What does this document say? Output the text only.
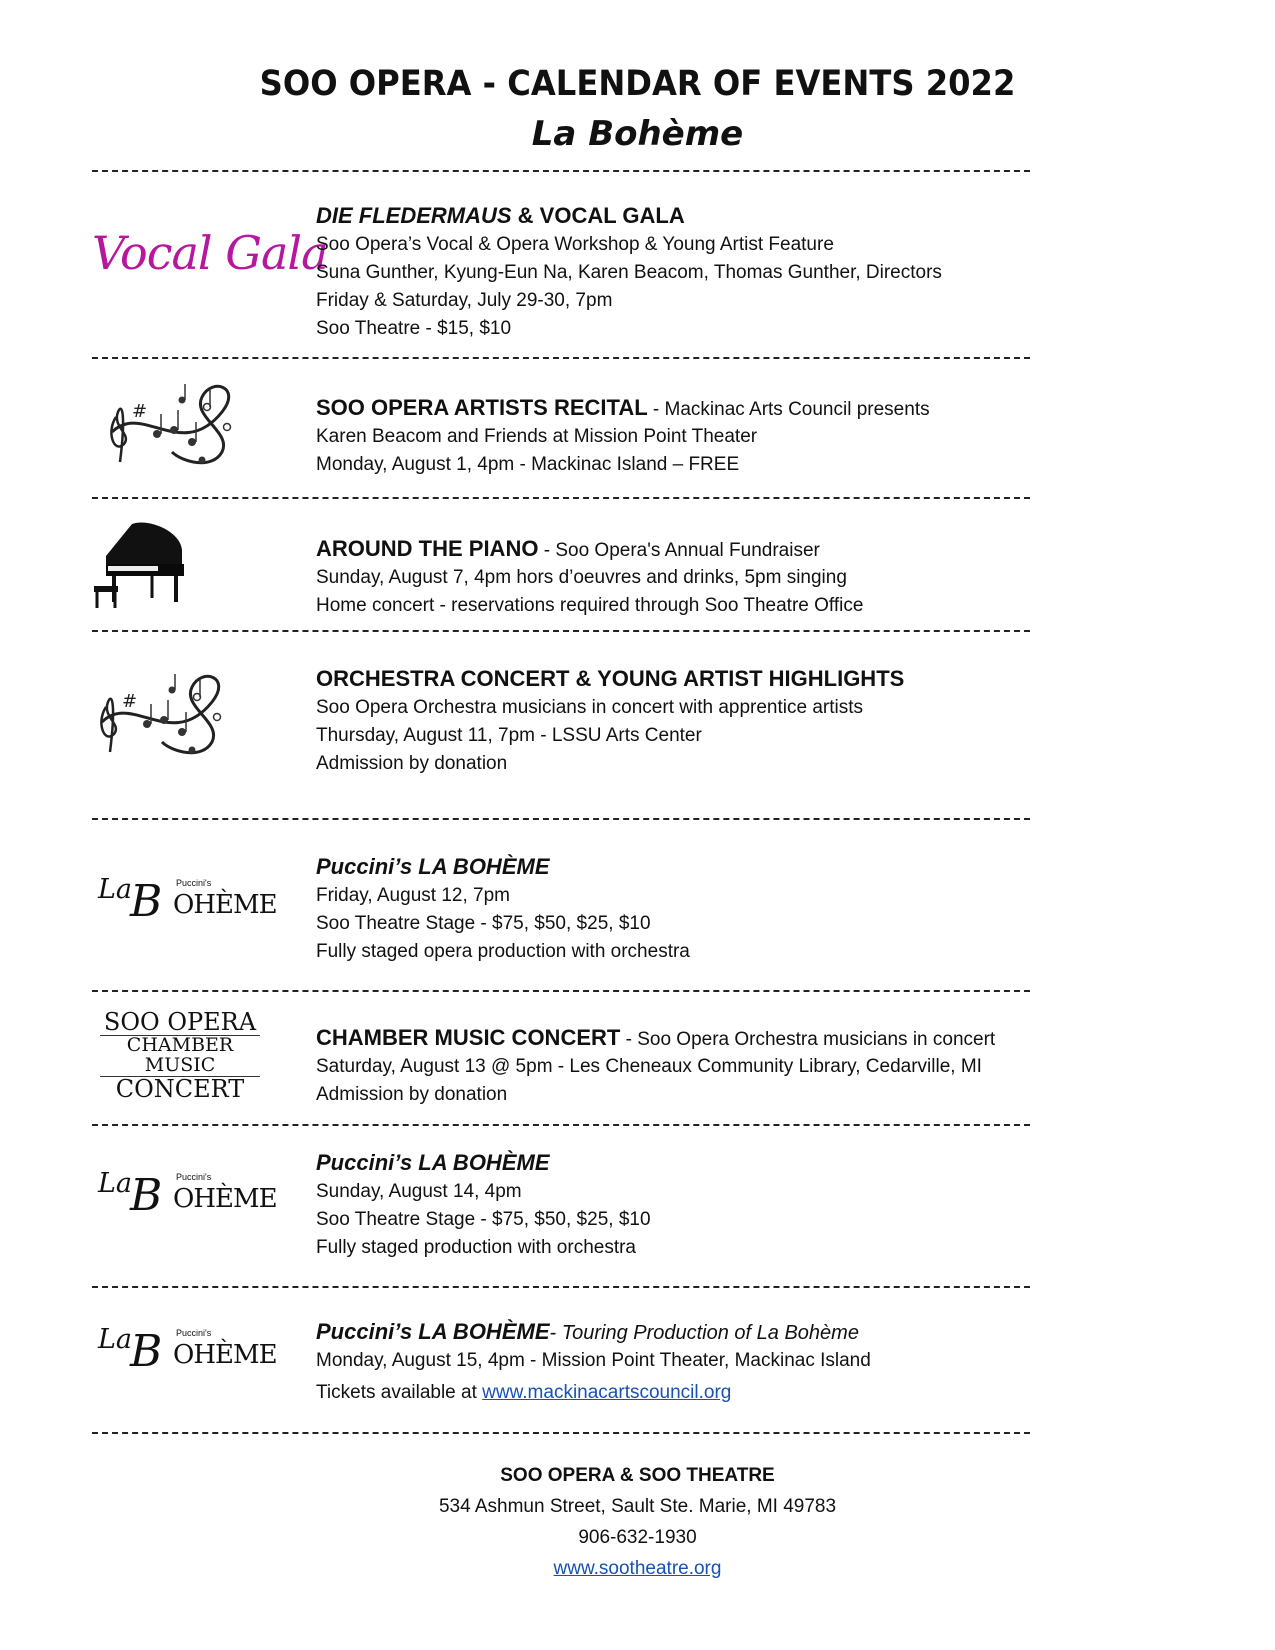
SOO OPERA - CALENDAR OF EVENTS 2022
La Bohème
Vocal Gala
DIE FLEDERMAUS & VOCAL GALA
Soo Opera’s Vocal & Opera Workshop & Young Artist Feature
Suna Gunther, Kyung-Eun Na, Karen Beacom, Thomas Gunther, Directors
Friday & Saturday, July 29-30, 7pm
Soo Theatre - $15, $10
#	SOO OPERA ARTISTS RECITAL - Mackinac Arts Council presents
Karen Beacom and Friends at Mission Point Theater
Monday, August 1, 4pm - Mackinac Island – FREE
AROUND THE PIANO - Soo Opera's Annual Fundraiser
Sunday, August 7, 4pm hors d’oeuvres and drinks, 5pm singing
Home concert - reservations required through Soo Theatre Office
#
ORCHESTRA CONCERT & YOUNG ARTIST HIGHLIGHTS
Soo Opera Orchestra musicians in concert with apprentice artists
Thursday, August 11, 7pm - LSSU Arts Center
Admission by donation
La
B Puccini's
OHÈME
Puccini’s LA BOHÈME
Friday, August 12, 7pm
Soo Theatre Stage - $75, $50, $25, $10
Fully staged opera production with orchestra
SOO OPERA
CHAMBER MUSIC
CONCERT
CHAMBER MUSIC CONCERT - Soo Opera Orchestra musicians in concert
Saturday, August 13 @ 5pm - Les Cheneaux Community Library, Cedarville, MI
Admission by donation
La
B Puccini's
OHÈME
Puccini’s LA BOHÈME
Sunday, August 14, 4pm
Soo Theatre Stage - $75, $50, $25, $10
Fully staged production with orchestra
La
B Puccini's
OHÈME
Puccini’s LA BOHÈME- Touring Production of La Bohème
Monday, August 15, 4pm - Mission Point Theater, Mackinac Island
Tickets available at www.mackinacartscouncil.org
SOO OPERA & SOO THEATRE
534 Ashmun Street, Sault Ste. Marie, MI 49783
906-632-1930
www.sootheatre.org
